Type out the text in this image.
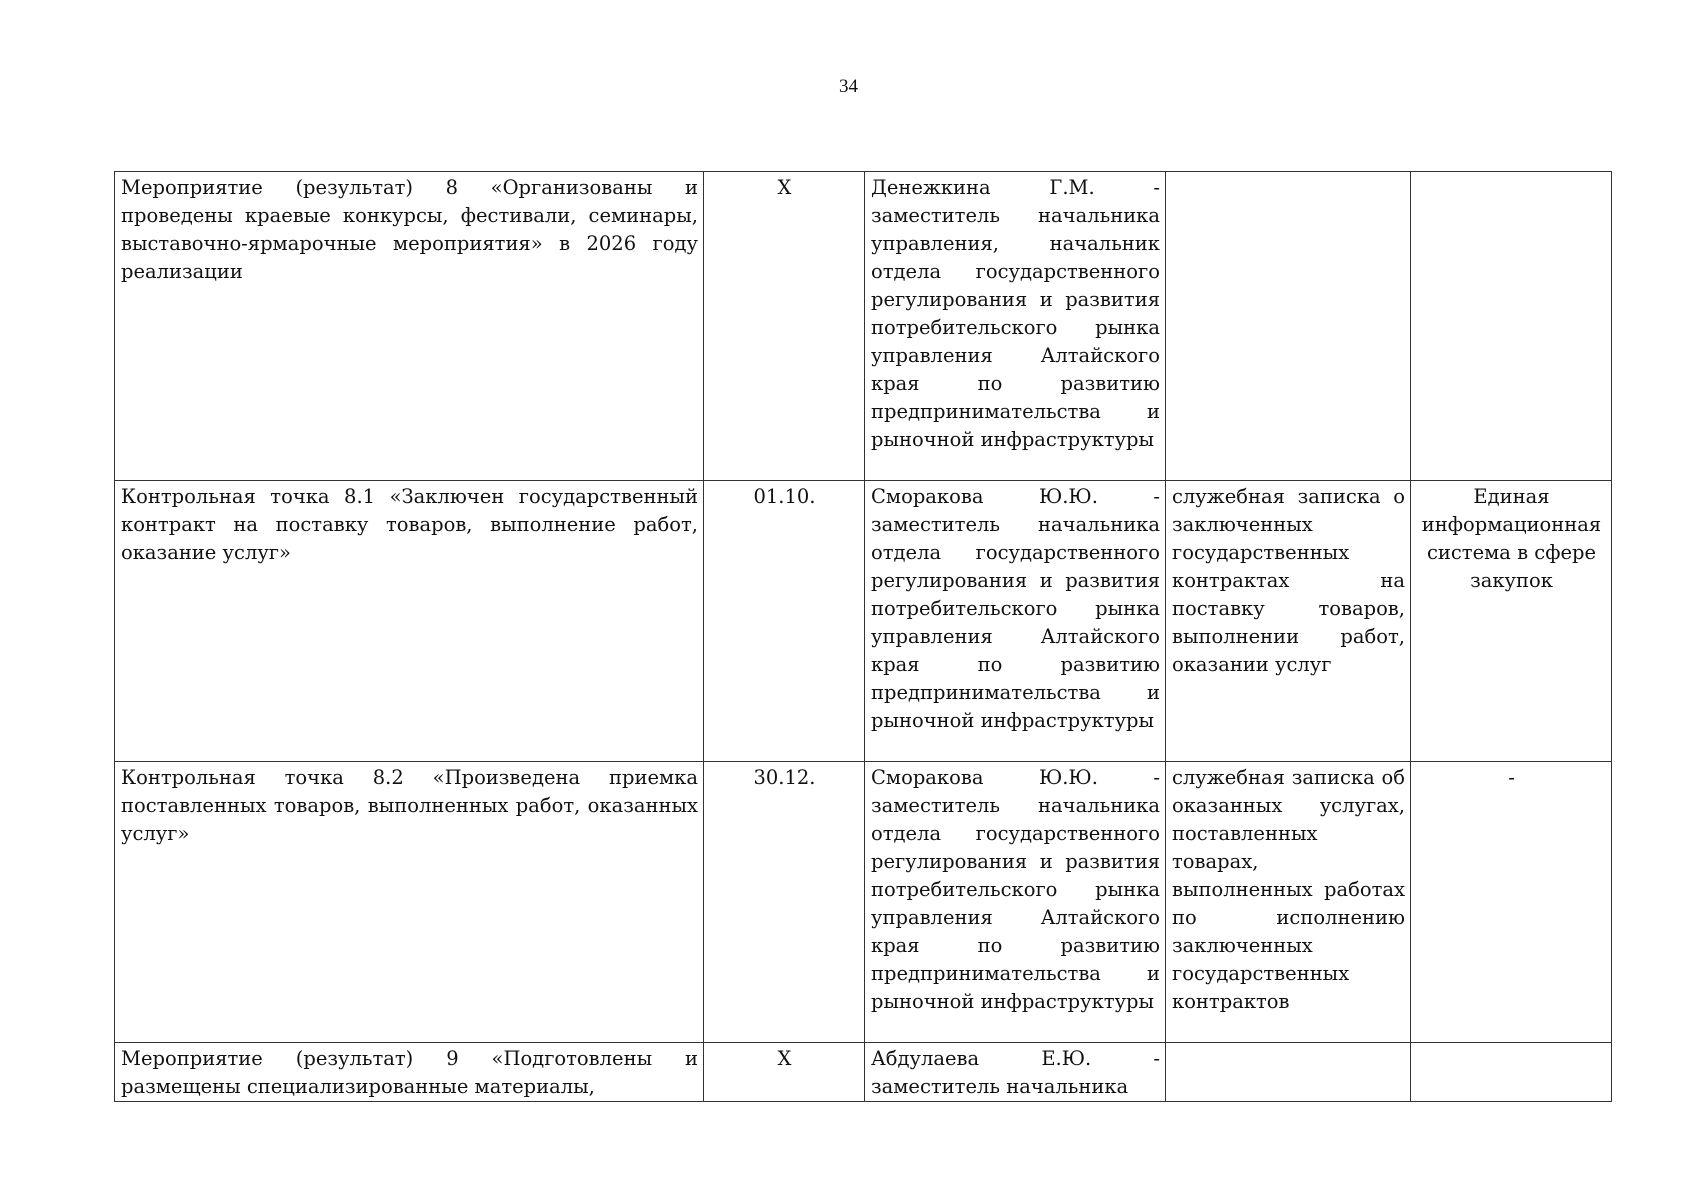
34
Мероприятие (результат) 8 «Организованы и проведены краевые конкурсы, фестивали, семинары, выставочно-ярмарочные мероприятия» в 2026 году реализации	X	Денежкина Г.М. - заместитель начальника управления, начальник отдела государственного регулирования и развития потребительского рынка управления Алтайского края по развитию предпринимательства и рыночной инфраструктуры		
Контрольная точка 8.1 «Заключен государственный контракт на поставку товаров, выполнение работ, оказание услуг»	01.10.	Сморакова Ю.Ю. - заместитель начальника отдела государственного регулирования и развития потребительского рынка управления Алтайского края по развитию предпринимательства и рыночной инфраструктуры	служебная записка о заключенных государственных контрактах на поставку товаров, выполнении работ, оказании услуг	Единая информационная система в сфере закупок
Контрольная точка 8.2 «Произведена приемка поставленных товаров, выполненных работ, оказанных услуг»	30.12.	Сморакова Ю.Ю. - заместитель начальника отдела государственного регулирования и развития потребительского рынка управления Алтайского края по развитию предпринимательства и рыночной инфраструктуры	служебная записка об оказанных услугах, поставленных товарах, выполненных работах по исполнению заключенных государственных контрактов	-
Мероприятие (результат) 9 «Подготовлены и размещены специализированные материалы,	X	Абдулаева Е.Ю. - заместитель начальника		
